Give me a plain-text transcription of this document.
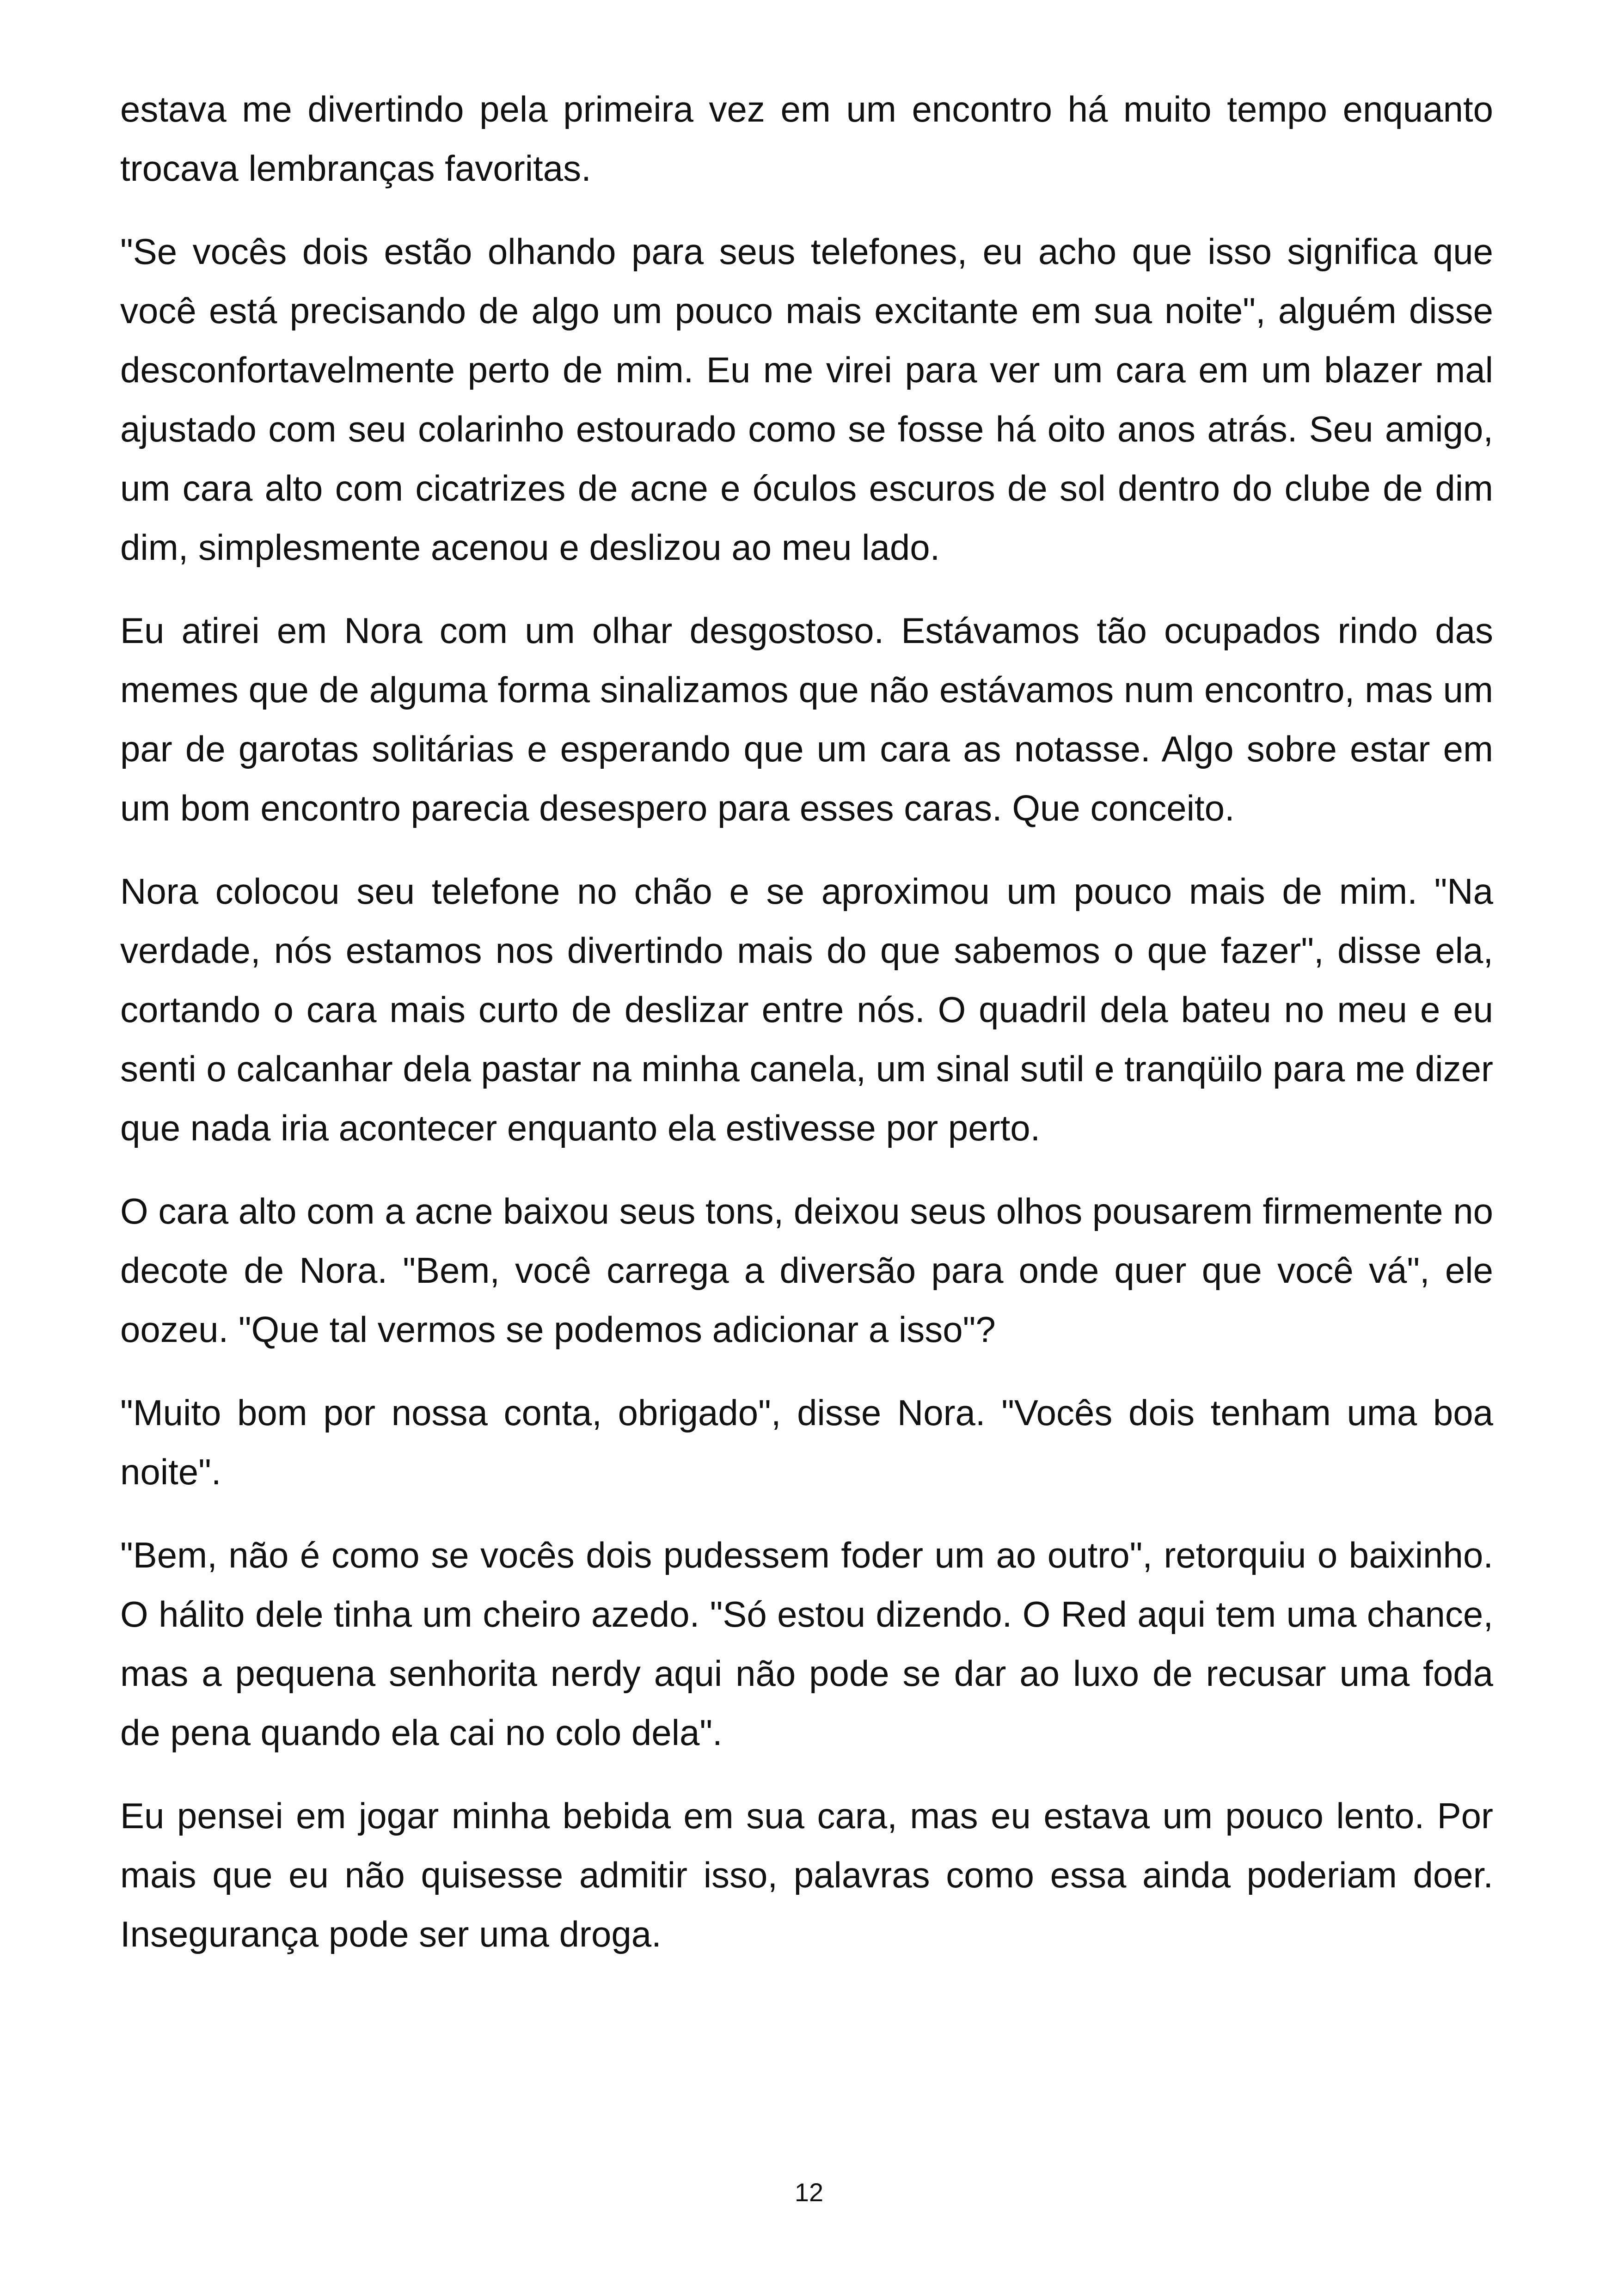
estava me divertindo pela primeira vez em um encontro há muito tempo enquanto trocava lembranças favoritas.

"Se vocês dois estão olhando para seus telefones, eu acho que isso significa que você está precisando de algo um pouco mais excitante em sua noite", alguém disse desconfortavelmente perto de mim. Eu me virei para ver um cara em um blazer mal ajustado com seu colarinho estourado como se fosse há oito anos atrás. Seu amigo, um cara alto com cicatrizes de acne e óculos escuros de sol dentro do clube de dim dim, simplesmente acenou e deslizou ao meu lado.

Eu atirei em Nora com um olhar desgostoso. Estávamos tão ocupados rindo das memes que de alguma forma sinalizamos que não estávamos num encontro, mas um par de garotas solitárias e esperando que um cara as notasse. Algo sobre estar em um bom encontro parecia desespero para esses caras. Que conceito.

Nora colocou seu telefone no chão e se aproximou um pouco mais de mim. "Na verdade, nós estamos nos divertindo mais do que sabemos o que fazer", disse ela, cortando o cara mais curto de deslizar entre nós. O quadril dela bateu no meu e eu senti o calcanhar dela pastar na minha canela, um sinal sutil e tranqüilo para me dizer que nada iria acontecer enquanto ela estivesse por perto.

O cara alto com a acne baixou seus tons, deixou seus olhos pousarem firmemente no decote de Nora. "Bem, você carrega a diversão para onde quer que você vá", ele oozeu. "Que tal vermos se podemos adicionar a isso"?

"Muito bom por nossa conta, obrigado", disse Nora. "Vocês dois tenham uma boa noite".

"Bem, não é como se vocês dois pudessem foder um ao outro", retorquiu o baixinho. O hálito dele tinha um cheiro azedo. "Só estou dizendo. O Red aqui tem uma chance, mas a pequena senhorita nerdy aqui não pode se dar ao luxo de recusar uma foda de pena quando ela cai no colo dela".

Eu pensei em jogar minha bebida em sua cara, mas eu estava um pouco lento. Por mais que eu não quisesse admitir isso, palavras como essa ainda poderiam doer. Insegurança pode ser uma droga.

12
